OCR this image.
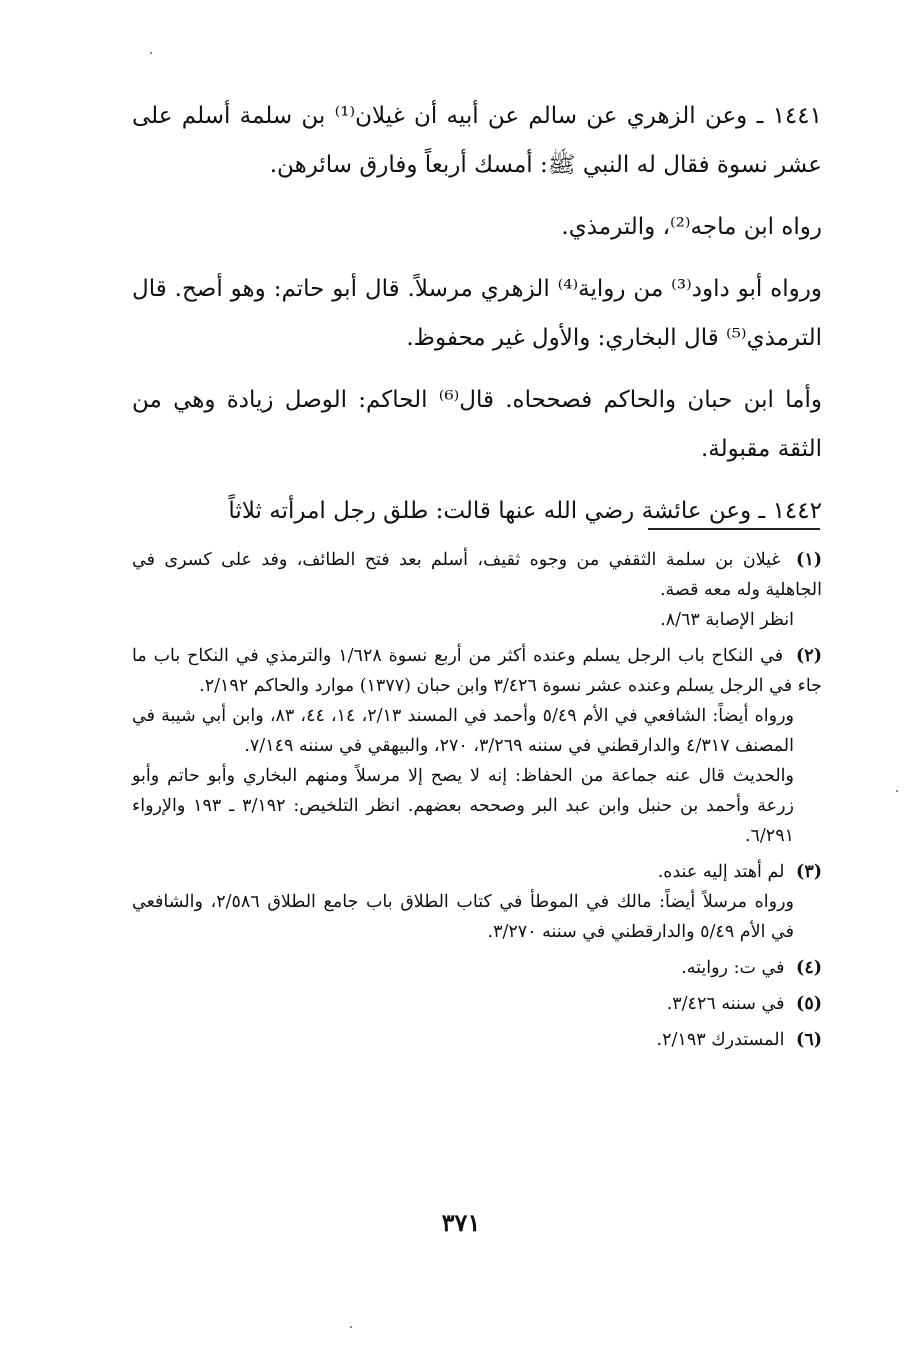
١٤٤١ ـ وعن الزهري عن سالم عن أبيه أن غيلان⁽¹⁾ بن سلمة أسلم على عشر نسوة فقال له النبي ﷺ: أمسك أربعاً وفارق سائرهن.

رواه ابن ماجه⁽²⁾، والترمذي.

ورواه أبو داود⁽³⁾ من رواية⁽⁴⁾ الزهري مرسلاً. قال أبو حاتم: وهو أصح. قال الترمذي⁽⁵⁾ قال البخاري: والأول غير محفوظ.

وأما ابن حبان والحاكم فصححاه. قال⁽⁶⁾ الحاكم: الوصل زيادة وهي من الثقة مقبولة.

١٤٤٢ ـ وعن عائشة رضي الله عنها قالت: طلق رجل امرأته ثلاثاً

(١) غيلان بن سلمة الثقفي من وجوه ثقيف، أسلم بعد فتح الطائف، وفد على كسرى في الجاهلية وله معه قصة.
انظر الإصابة ٨/٦٣.
(٢) في النكاح باب الرجل يسلم وعنده أكثر من أربع نسوة ١/٦٢٨ والترمذي في النكاح باب ما جاء في الرجل يسلم وعنده عشر نسوة ٣/٤٢٦ وابن حبان (١٣٧٧) موارد والحاكم ٢/١٩٢.
ورواه أيضاً: الشافعي في الأم ٥/٤٩ وأحمد في المسند ٢/١٣، ١٤، ٤٤، ٨٣، وابن أبي شيبة في المصنف ٤/٣١٧ والدارقطني في سننه ٣/٢٦٩، ٢٧٠، والبيهقي في سننه ٧/١٤٩.
والحديث قال عنه جماعة من الحفاظ: إنه لا يصح إلا مرسلاً ومنهم البخاري وأبو حاتم وأبو زرعة وأحمد بن حنبل وابن عبد البر وصححه بعضهم. انظر التلخيص: ٣/١٩٢ ـ ١٩٣ والإرواء ٦/٢٩١.
(٣) لم أهتد إليه عنده.
ورواه مرسلاً أيضاً: مالك في الموطأ في كتاب الطلاق باب جامع الطلاق ٢/٥٨٦، والشافعي في الأم ٥/٤٩ والدارقطني في سننه ٣/٢٧٠.
(٤) في ت: روايته.
(٥) في سننه ٣/٤٢٦.
(٦) المستدرك ٢/١٩٣.
٣٧١
